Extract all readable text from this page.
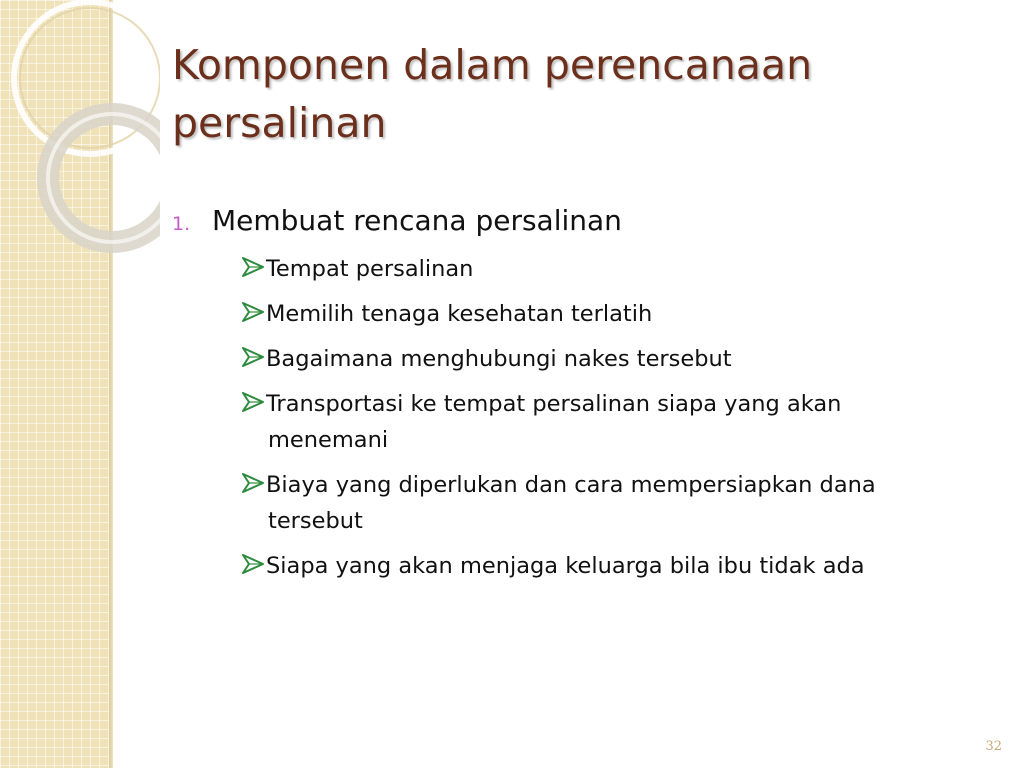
Komponen dalam perencanaan persalinan
1. Membuat rencana persalinan
Tempat persalinan
Memilih tenaga kesehatan terlatih
Bagaimana menghubungi nakes tersebut
Transportasi ke tempat persalinan siapa yang akan menemani
Biaya yang diperlukan dan cara mempersiapkan dana tersebut
Siapa yang akan menjaga keluarga bila ibu tidak ada
32
